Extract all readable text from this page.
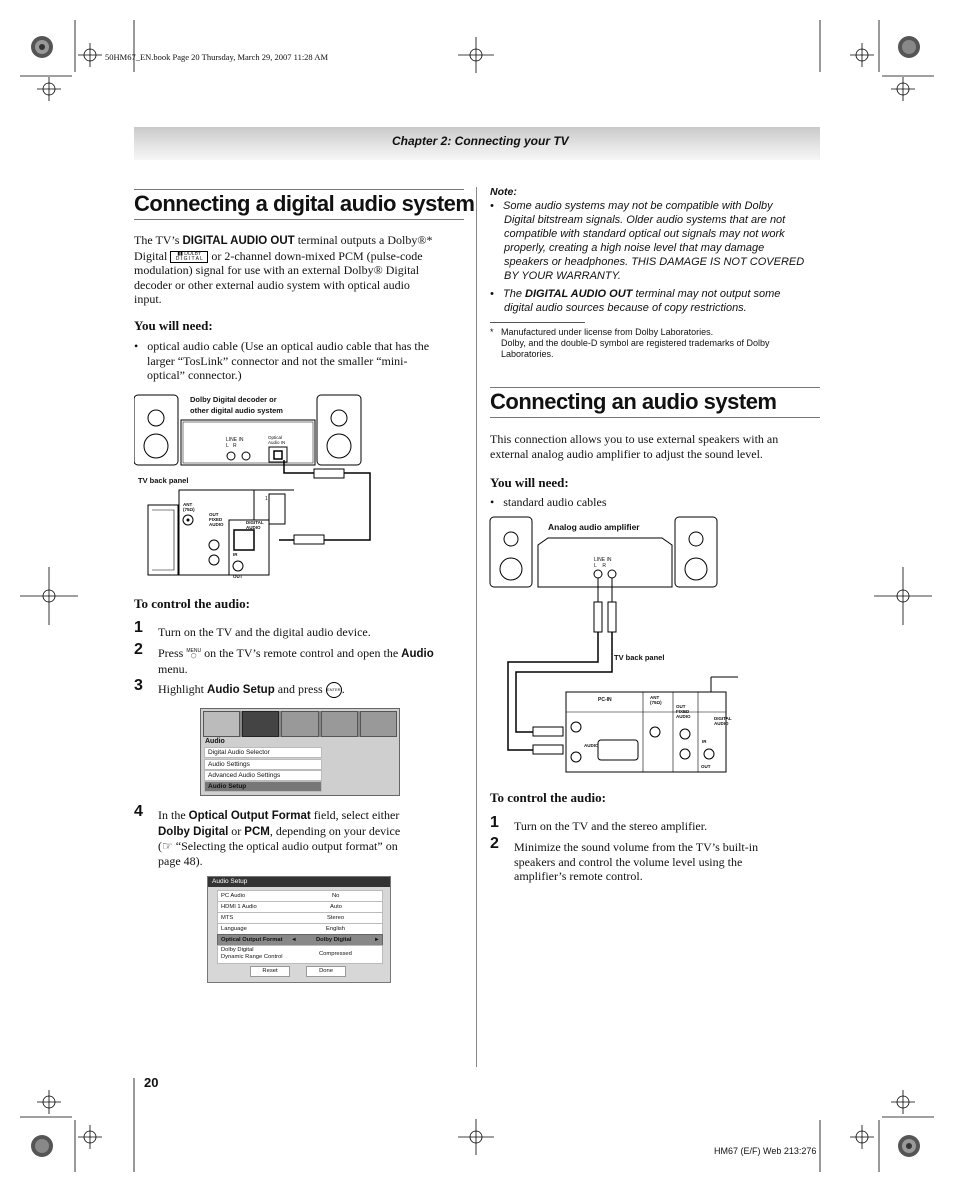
50HM67_EN.book Page 20 Thursday, March 29, 2007 11:28 AM
Chapter 2: Connecting your TV
Connecting a digital audio system
The TV’s DIGITAL AUDIO OUT terminal outputs a Dolby®*
Digital ▮▮ DOLBY
D I G I T A L or 2-channel down-mixed PCM (pulse-code
modulation) signal for use with an external Dolby® Digital
decoder or other external audio system with optical audio
input.
You will need:
•   optical audio cable (Use an optical audio cable that has the
larger “TosLink” connector and not the smaller “mini-
optical” connector.)
Dolby Digital decoder or
other digital audio system
LINE IN
L R
Optical
Audio IN
TV back panel
ANT
(75Ω)
OUT
FIXED AUDIO	DIGITAL AUDIO
IR
OUT
1
To control the audio:
1 Turn on the TV and the digital audio device.
2 Press MENU
◯ on the TV’s remote control and open the Audio
menu.
3 Highlight Audio Setup and press ENTER.
Audio
Digital Audio Selector
Audio Settings
Advanced Audio Settings
Audio Setup
4 In the Optical Output Format field, select either
Dolby Digital or PCM, depending on your device
(☞ “Selecting the optical audio output format” on
page 48).
Audio Setup
PC Audio	No
HDMI 1 Audio	Auto
MTS	Stereo
Language	English
Optical Output Format ◄	Dolby Digital	►
Dolby Digital
Dynamic Range Control	Compressed
Reset	Done
Note:
•   Some audio systems may not be compatible with Dolby
Digital bitstream signals. Older audio systems that are not
compatible with standard optical out signals may not work
properly, creating a high noise level that may damage
speakers or headphones. THIS DAMAGE IS NOT COVERED
BY YOUR WARRANTY.
•   The DIGITAL AUDIO OUT terminal may not output some
digital audio sources because of copy restrictions.
*   Manufactured under license from Dolby Laboratories.
Dolby, and the double-D symbol are registered trademarks of Dolby
Laboratories.
Connecting an audio system
This connection allows you to use external speakers with an
external analog audio amplifier to adjust the sound level.
You will need:
•   standard audio cables
Analog audio amplifier
LINE IN
L R
TV back panel
PC-IN	ANT
(75Ω)
OUT
FIXED AUDIO	DIGITAL AUDIO
AUDIO
IR
OUT
To control the audio:
1 Turn on the TV and the stereo amplifier.
2 Minimize the sound volume from the TV’s built-in
speakers and control the volume level using the
amplifier’s remote control.
20
HM67 (E/F) Web 213:276
